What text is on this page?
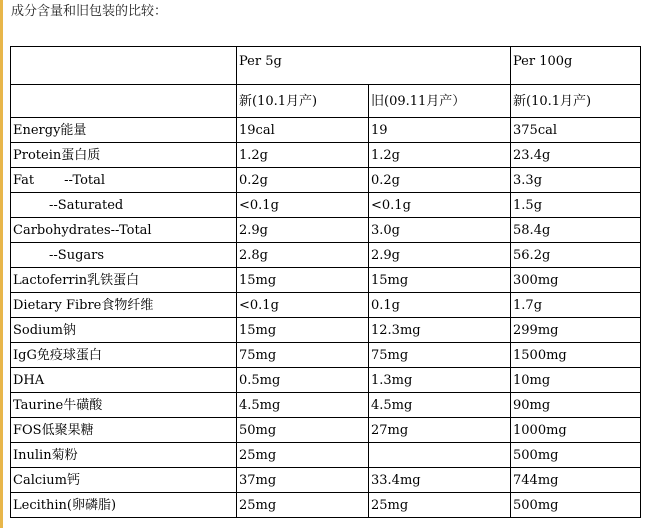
成分含量和旧包装的比较：
	Per 5g		Per 100g
	新(10.1月产)	旧(09.11月产）	新(10.1月产)
Energy能量	19cal	19	375cal
Protein蛋白质	1.2g	1.2g	23.4g
Fat --Total	0.2g	0.2g	3.3g
--Saturated	<0.1g	<0.1g	1.5g
Carbohydrates--Total	2.9g	3.0g	58.4g
--Sugars	2.8g	2.9g	56.2g
Lactoferrin乳铁蛋白	15mg	15mg	300mg
Dietary Fibre食物纤维	<0.1g	0.1g	1.7g
Sodium钠	15mg	12.3mg	299mg
IgG免疫球蛋白	75mg	75mg	1500mg
DHA	0.5mg	1.3mg	10mg
Taurine牛磺酸	4.5mg	4.5mg	90mg
FOS低聚果糖	50mg	27mg	1000mg
Inulin菊粉	25mg		500mg
Calcium钙	37mg	33.4mg	744mg
Lecithin(卵磷脂)	25mg	25mg	500mg
